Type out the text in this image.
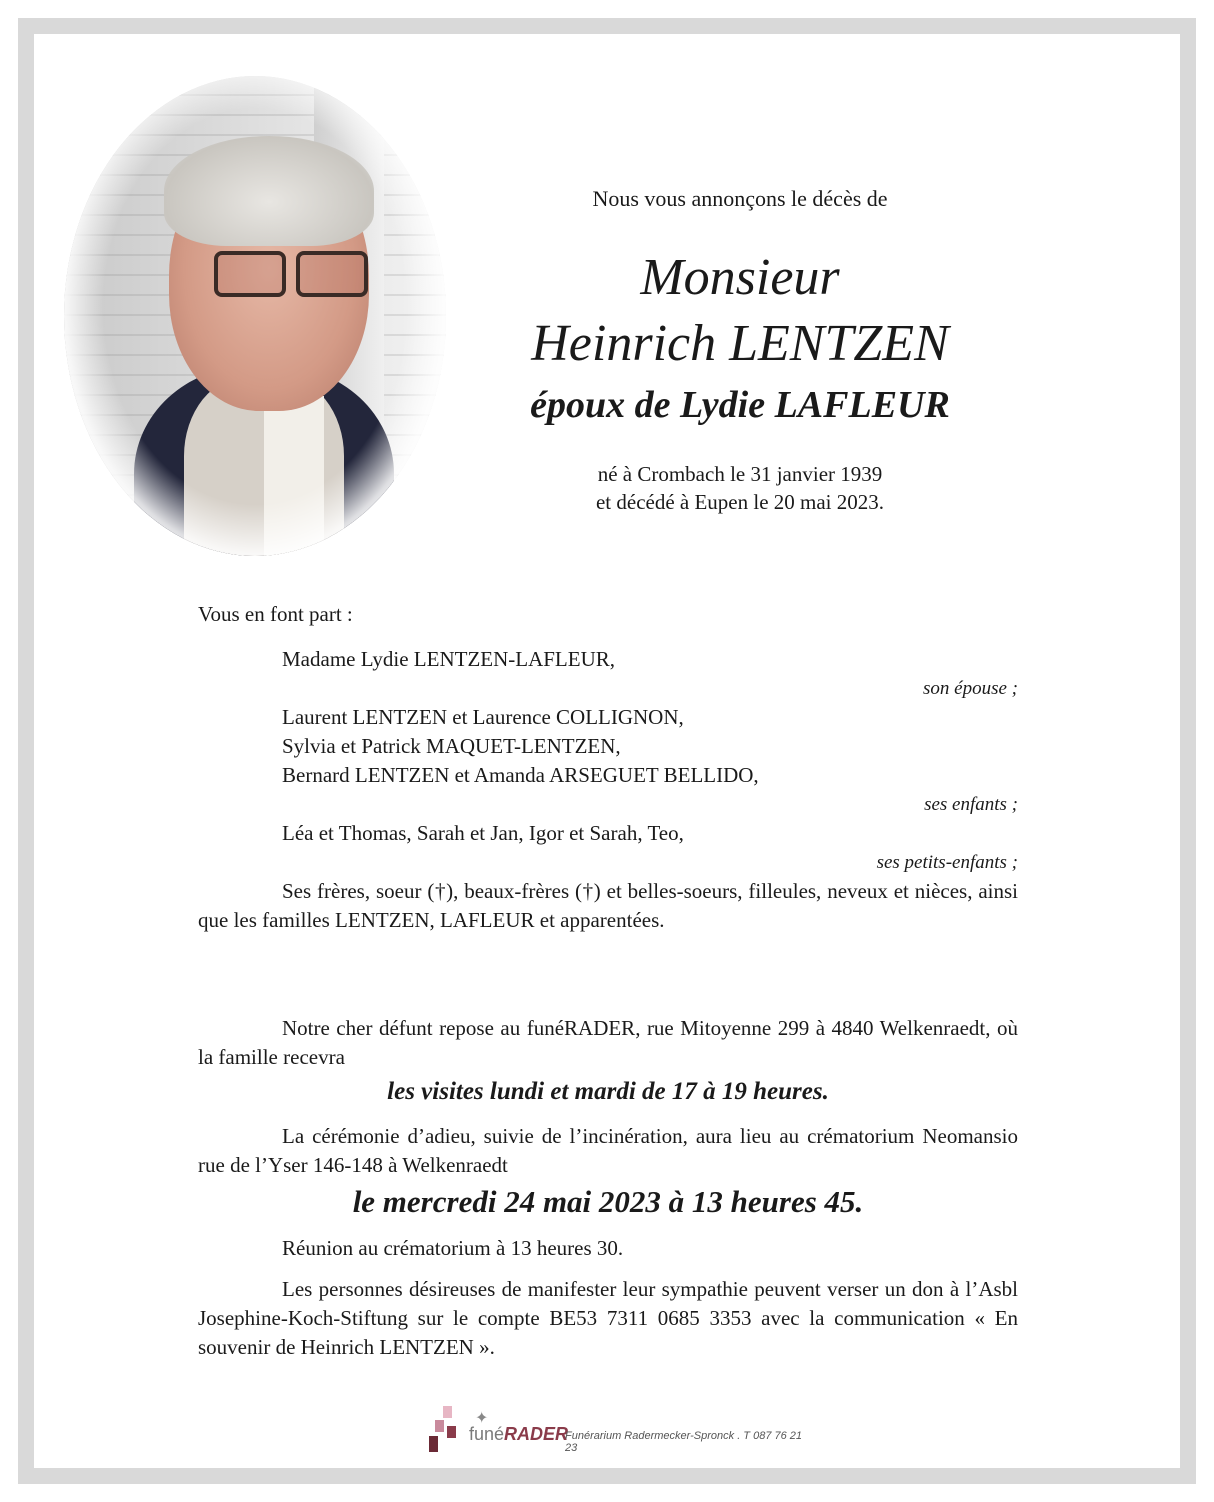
Nous vous annonçons le décès de
Monsieur
Heinrich LENTZEN
époux de Lydie LAFLEUR
né à Crombach le 31 janvier 1939
et décédé à Eupen le 20 mai 2023.
Vous en font part :
Madame Lydie LENTZEN-LAFLEUR,
son épouse ;
Laurent LENTZEN et Laurence COLLIGNON,
Sylvia et Patrick MAQUET-LENTZEN,
Bernard LENTZEN et Amanda ARSEGUET BELLIDO,
ses enfants ;
Léa et Thomas, Sarah et Jan, Igor et Sarah, Teo,
ses petits-enfants ;
Ses frères, soeur (†), beaux-frères (†) et belles-soeurs, filleules, neveux et nièces, ainsi que les familles LENTZEN, LAFLEUR et apparentées.
Notre cher défunt repose au funéRADER, rue Mitoyenne 299 à 4840 Welkenraedt, où la famille recevra
les visites lundi et mardi de 17 à 19 heures.
La cérémonie d’adieu, suivie de l’incinération, aura lieu au crématorium Neomansio rue de l’Yser 146-148 à Welkenraedt
le mercredi 24 mai 2023 à 13 heures 45.
Réunion au crématorium à 13 heures 30.
Les personnes désireuses de manifester leur sympathie peuvent verser un don à l’Asbl Josephine-Koch-Stiftung sur le compte BE53 7311 0685 3353 avec la communication « En souvenir de Heinrich LENTZEN ».
✦
funéRADER
Funérarium Radermecker-Spronck . T 087 76 21 23
